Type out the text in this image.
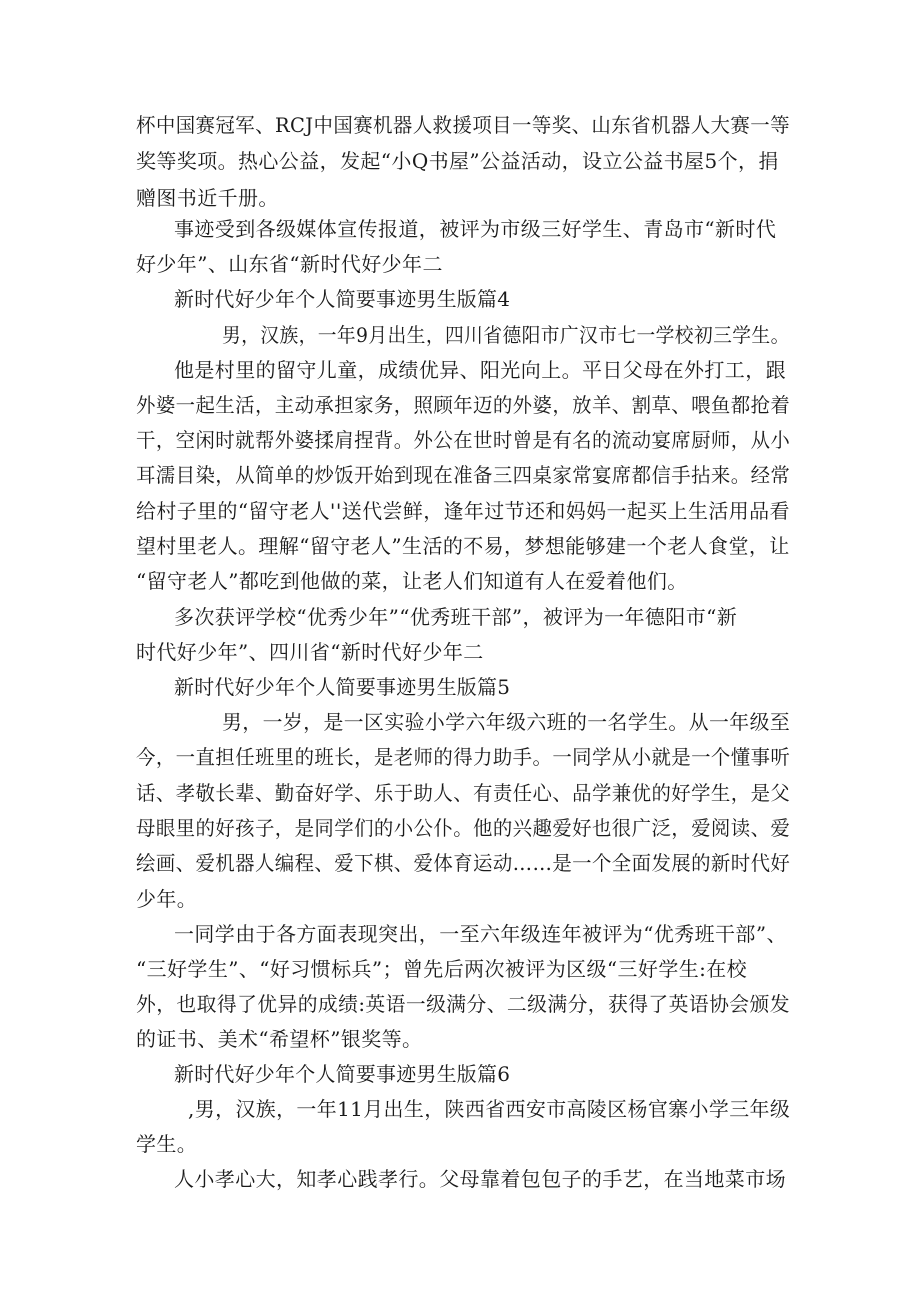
杯中国赛冠军、RCJ中国赛机器人救援项目一等奖、山东省机器人大赛一等
奖等奖项。热心公益，发起“小Q书屋”公益活动，设立公益书屋5个，捐
赠图书近千册。
事迹受到各级媒体宣传报道，被评为市级三好学生、青岛市“新时代
好少年”、山东省“新时代好少年二
新时代好少年个人简要事迹男生版篇4
男，汉族，一年9月出生，四川省德阳市广汉市七一学校初三学生。
他是村里的留守儿童，成绩优异、阳光向上。平日父母在外打工，跟
外婆一起生活，主动承担家务，照顾年迈的外婆，放羊、割草、喂鱼都抢着
干，空闲时就帮外婆揉肩捏背。外公在世时曾是有名的流动宴席厨师，从小
耳濡目染，从简单的炒饭开始到现在准备三四桌家常宴席都信手拈来。经常
给村子里的“留守老人''送代尝鲜，逢年过节还和妈妈一起买上生活用品看
望村里老人。理解“留守老人”生活的不易，梦想能够建一个老人食堂，让
“留守老人”都吃到他做的菜，让老人们知道有人在爱着他们。
多次获评学校“优秀少年”“优秀班干部”，被评为一年德阳市“新
时代好少年”、四川省“新时代好少年二
新时代好少年个人简要事迹男生版篇5
男，一岁，是一区实验小学六年级六班的一名学生。从一年级至
今，一直担任班里的班长，是老师的得力助手。一同学从小就是一个懂事听
话、孝敬长辈、勤奋好学、乐于助人、有责任心、品学兼优的好学生，是父
母眼里的好孩子，是同学们的小公仆。他的兴趣爱好也很广泛，爱阅读、爱
绘画、爱机器人编程、爱下棋、爱体育运动……是一个全面发展的新时代好
少年。
一同学由于各方面表现突出，一至六年级连年被评为“优秀班干部”、
“三好学生”、“好习惯标兵”；曾先后两次被评为区级“三好学生:在校
外，也取得了优异的成绩:英语一级满分、二级满分，获得了英语协会颁发
的证书、美术“希望杯”银奖等。
新时代好少年个人简要事迹男生版篇6
,男，汉族，一年11月出生，陕西省西安市高陵区杨官寨小学三年级
学生。
人小孝心大，知孝心践孝行。父母靠着包包子的手艺，在当地菜市场
